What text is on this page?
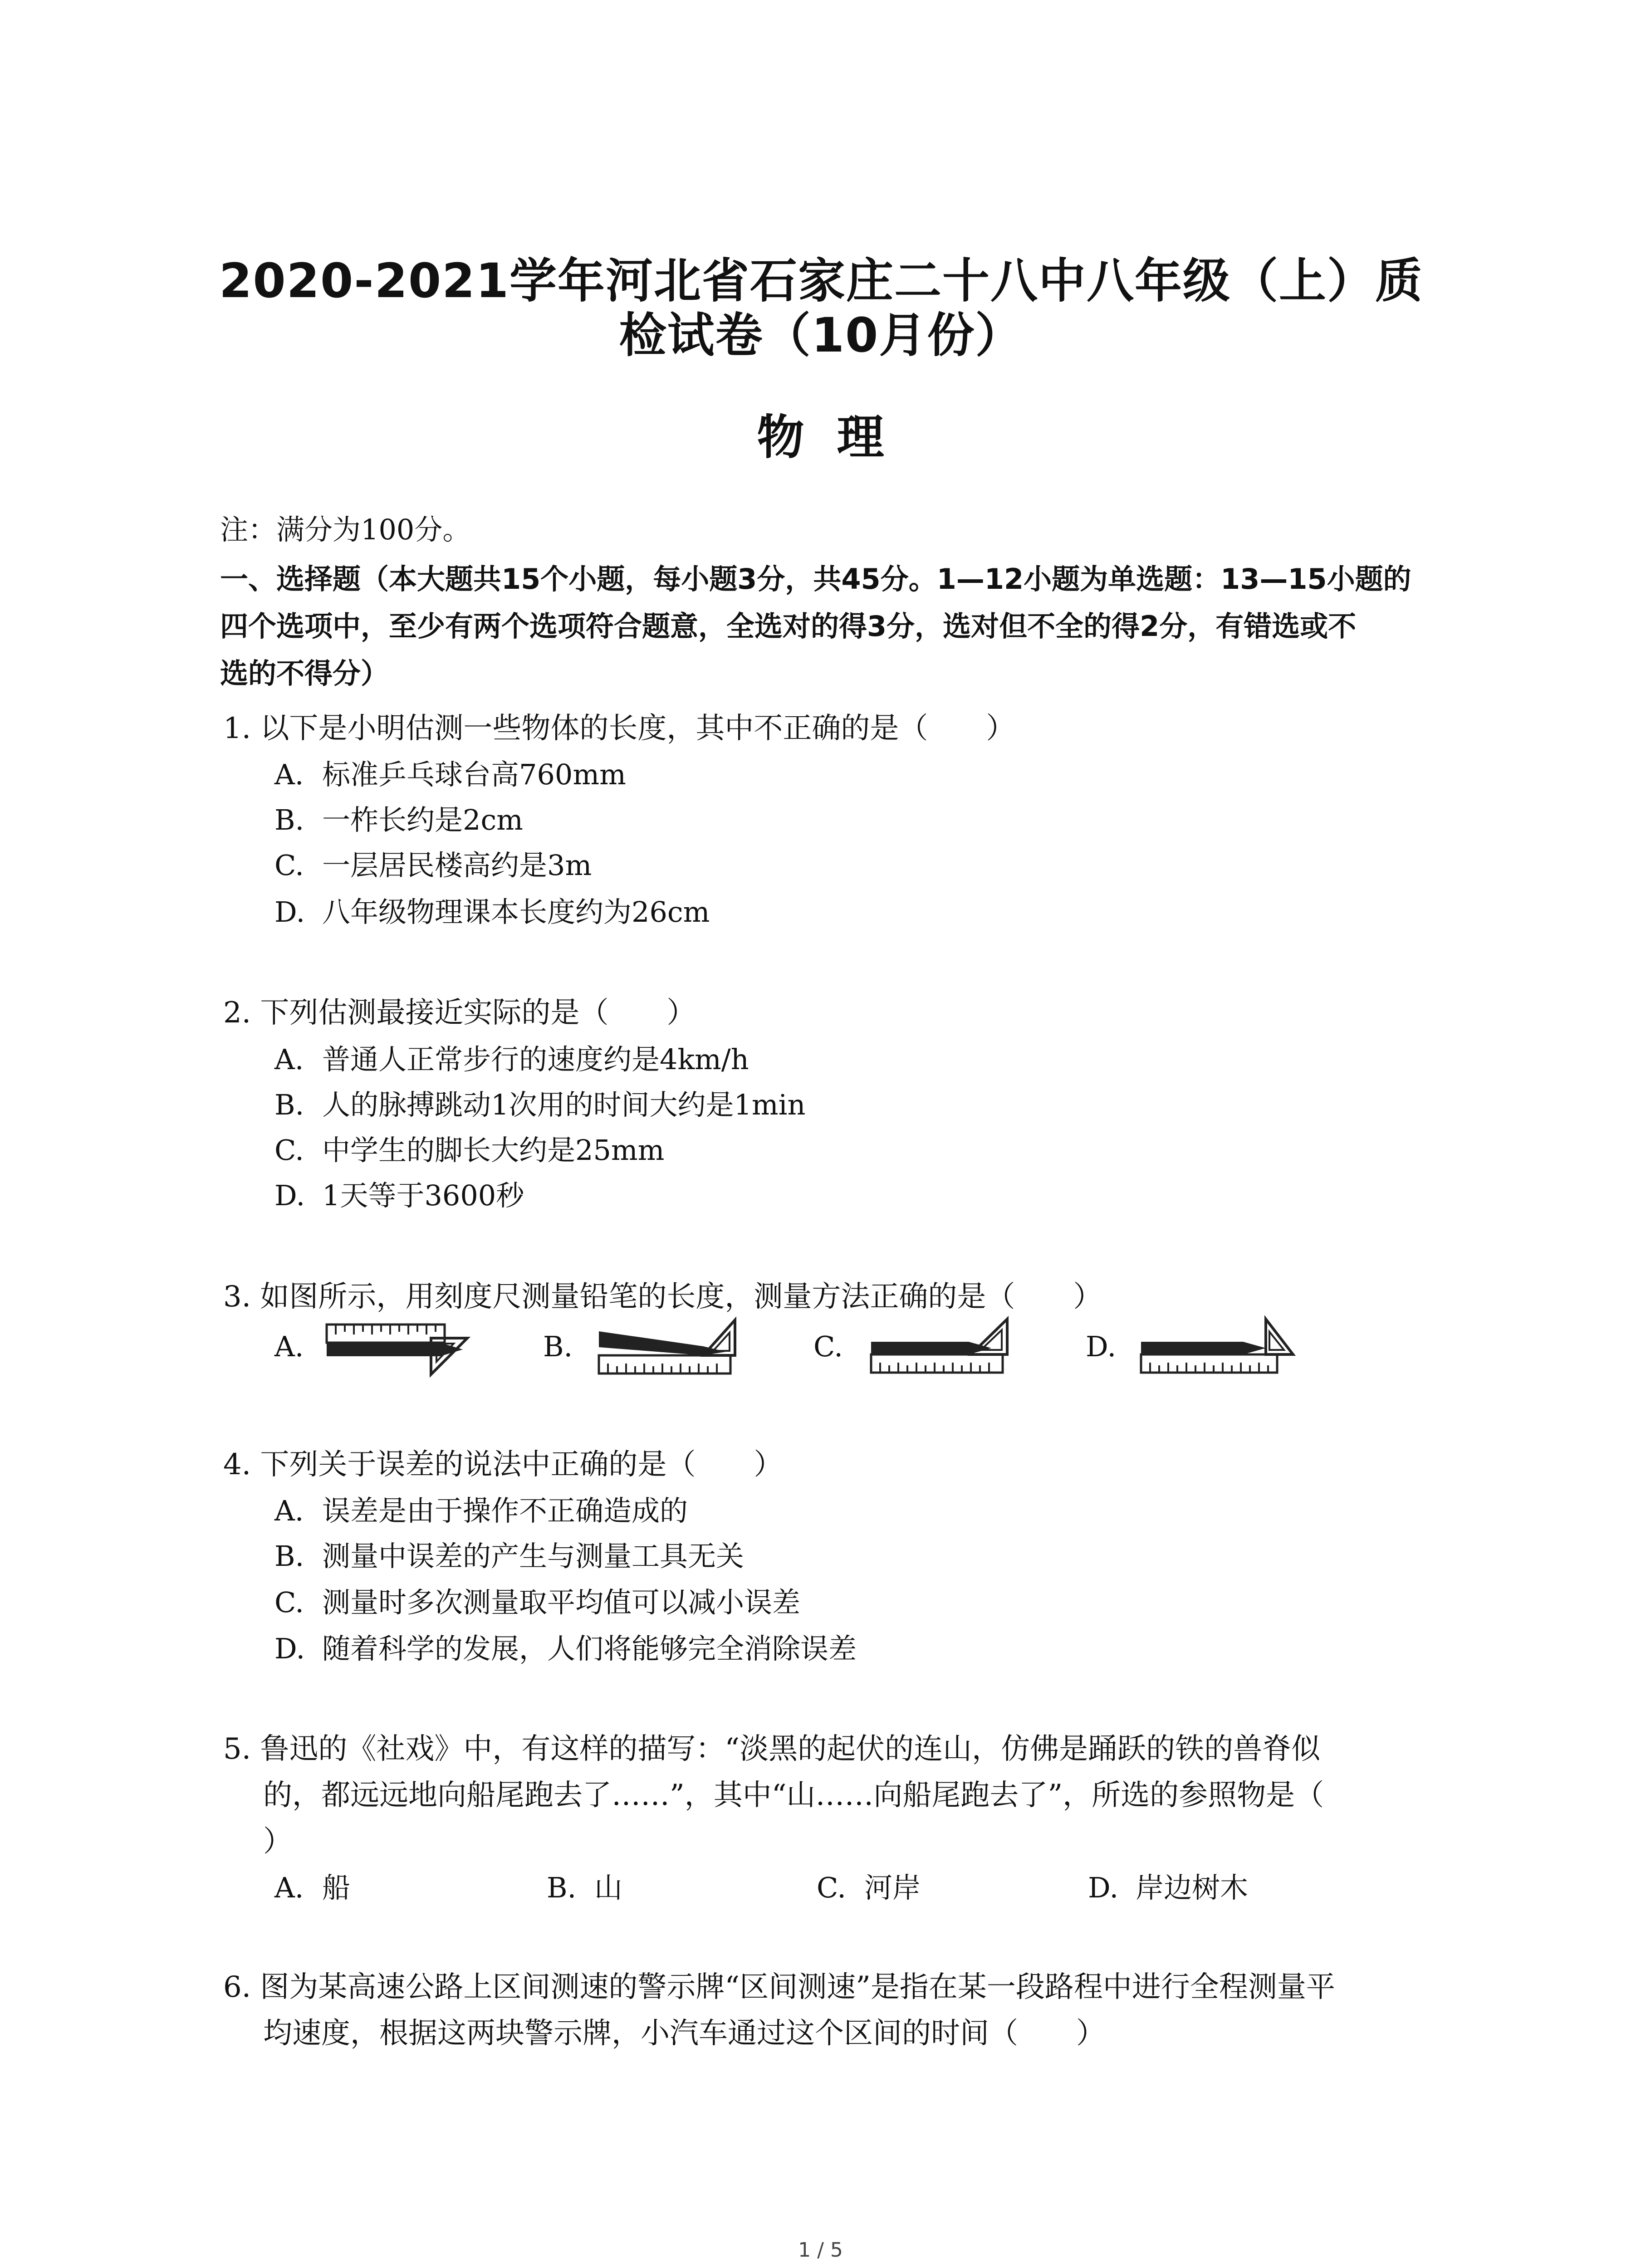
2020-2021学年河北省石家庄二十八中八年级（上）质
检试卷（10月份）
物理
注：满分为100分。
一、选择题（本大题共15个小题，每小题3分，共45分。1—12小题为单选题：13—15小题的
四个选项中，至少有两个选项符合题意，全选对的得3分，选对但不全的得2分，有错选或不
选的不得分）
1. 以下是小明估测一些物体的长度，其中不正确的是（　　）
A. 标准乒乓球台高760mm
B. 一柞长约是2cm
C. 一层居民楼高约是3m
D. 八年级物理课本长度约为26cm
2. 下列估测最接近实际的是（　　）
A. 普通人正常步行的速度约是4km/h
B. 人的脉搏跳动1次用的时间大约是1min
C. 中学生的脚长大约是25mm
D. 1天等于3600秒
3. 如图所示，用刻度尺测量铅笔的长度，测量方法正确的是（　　）
A.	B.	C.	D.
4. 下列关于误差的说法中正确的是（　　）
A. 误差是由于操作不正确造成的
B. 测量中误差的产生与测量工具无关
C. 测量时多次测量取平均值可以减小误差
D. 随着科学的发展，人们将能够完全消除误差
5. 鲁迅的《社戏》中，有这样的描写：“淡黑的起伏的连山，仿佛是踊跃的铁的兽脊似
的，都远远地向船尾跑去了……”，其中“山……向船尾跑去了”，所选的参照物是（
）
A. 船	B. 山	C. 河岸	D. 岸边树木
6. 图为某高速公路上区间测速的警示牌“区间测速”是指在某一段路程中进行全程测量平
均速度，根据这两块警示牌，小汽车通过这个区间的时间（　　）
1 / 5
